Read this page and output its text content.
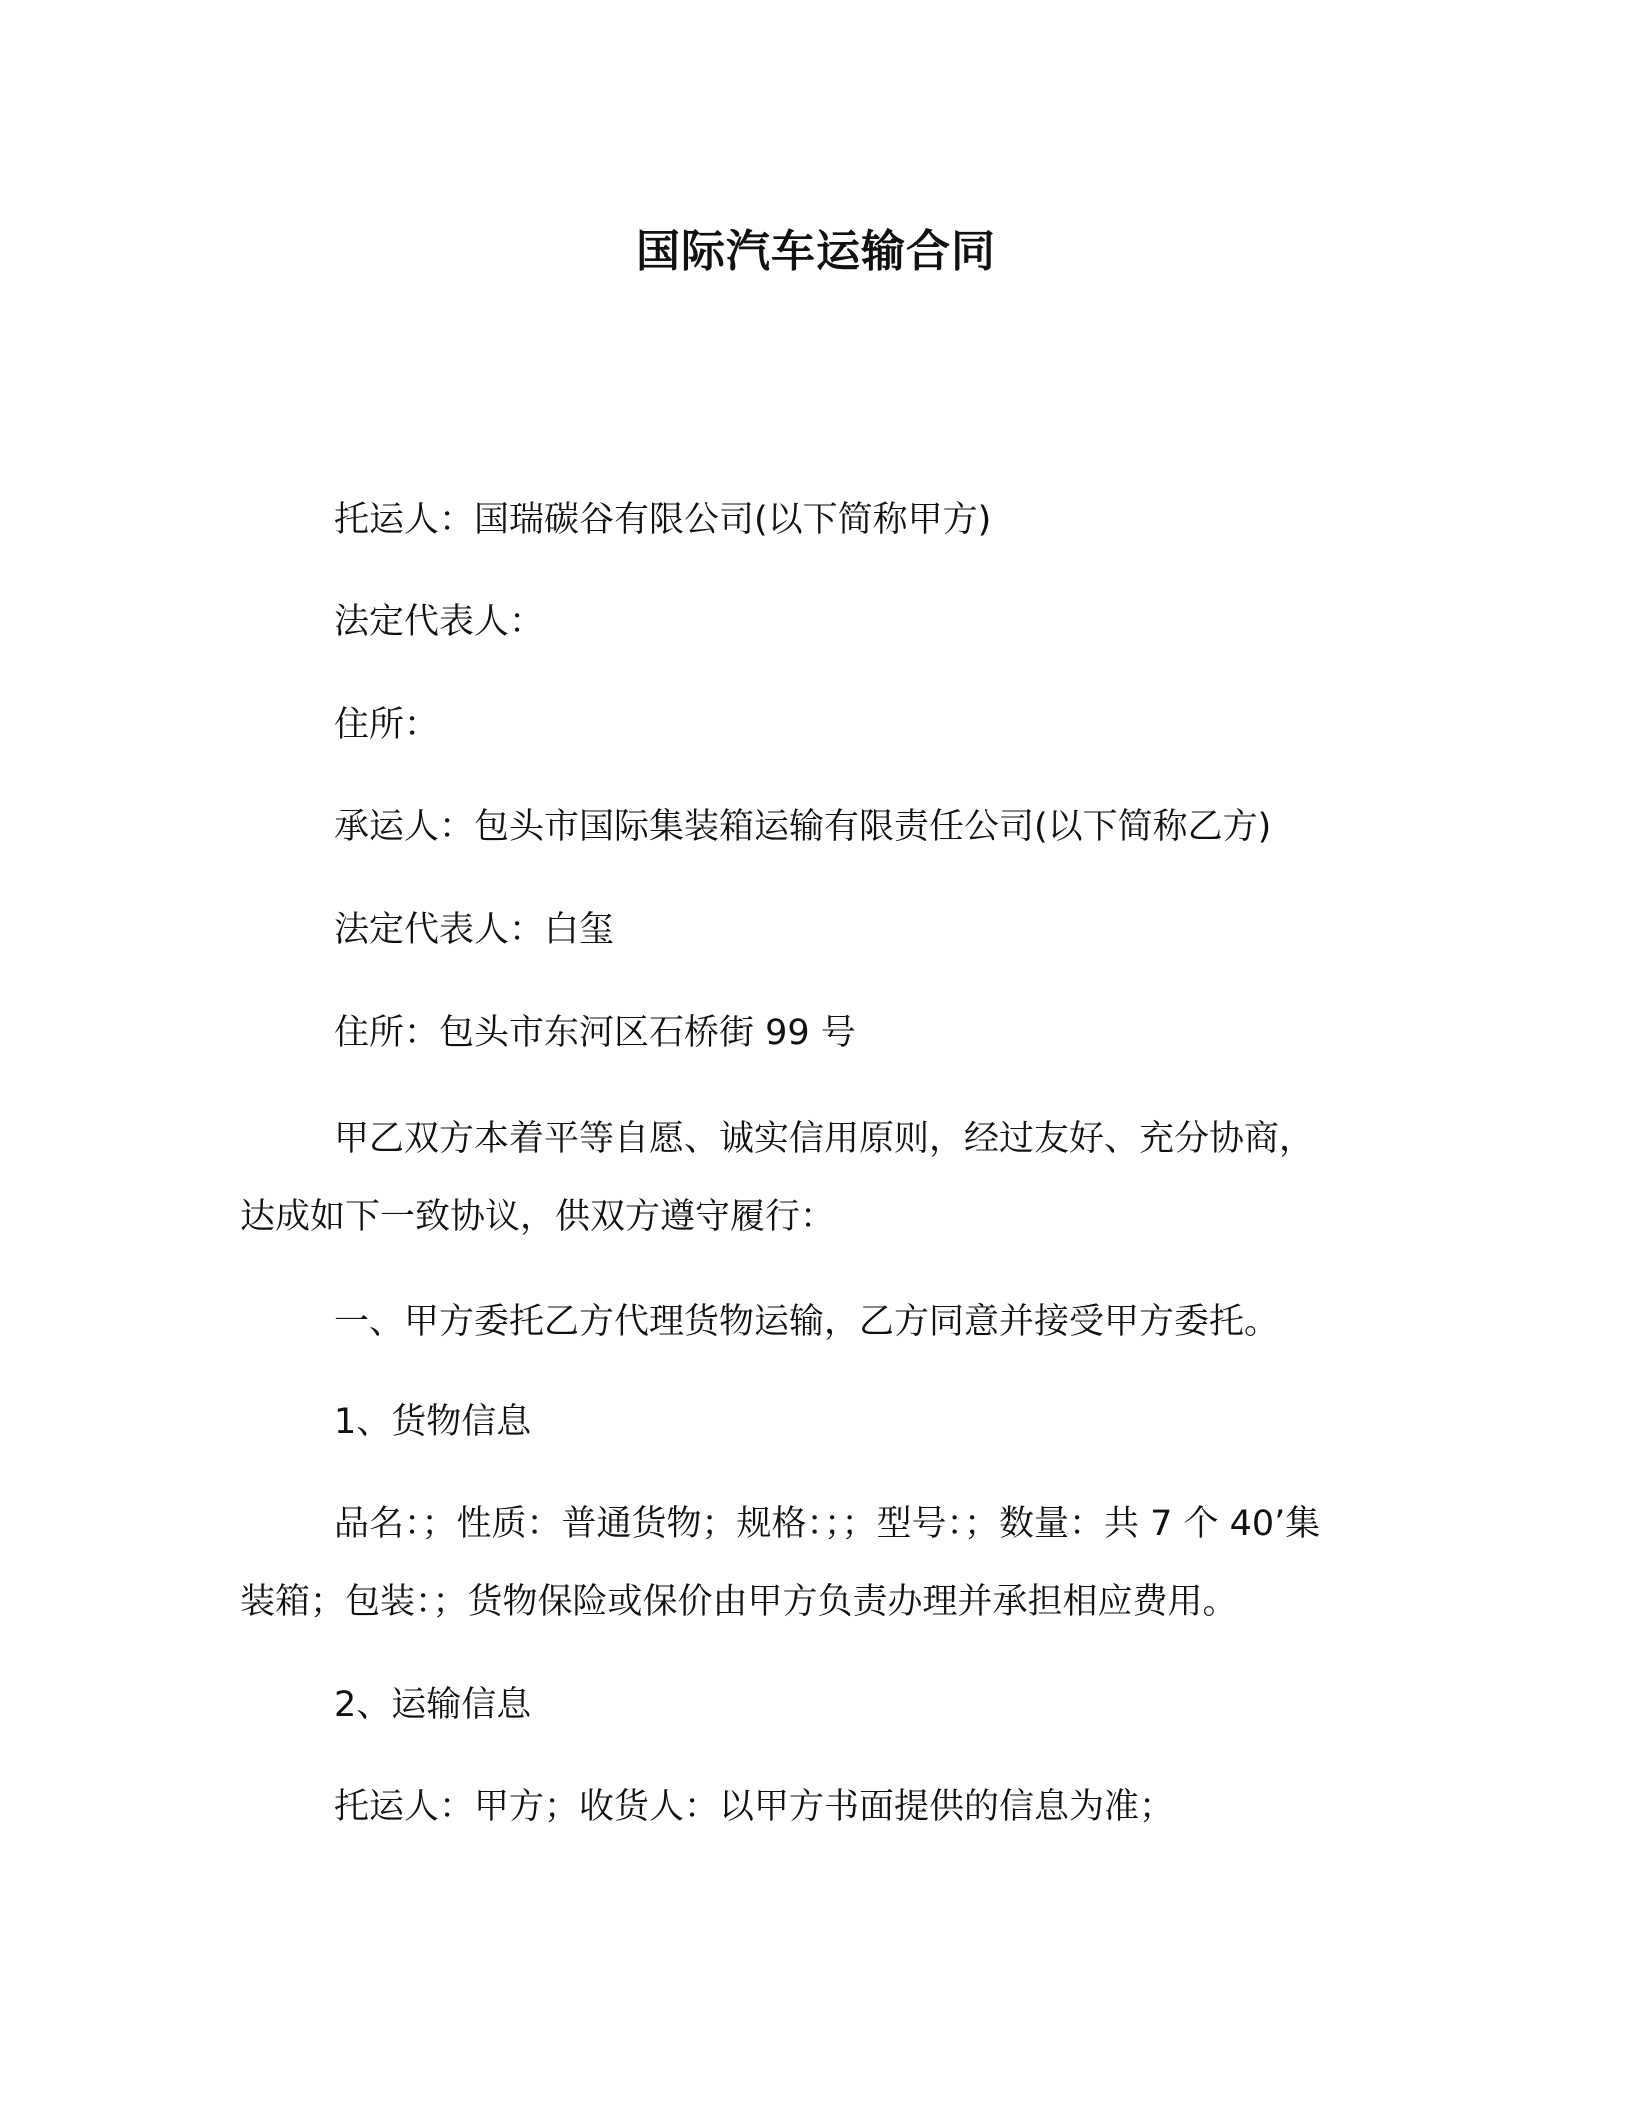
国际汽车运输合同
托运人：国瑞碳谷有限公司(以下简称甲方)
法定代表人：
住所：
承运人：包头市国际集装箱运输有限责任公司(以下简称乙方)
法定代表人：白玺
住所：包头市东河区石桥街 99 号
甲乙双方本着平等自愿、诚实信用原则，经过友好、充分协商，
达成如下一致协议，供双方遵守履行：
一、甲方委托乙方代理货物运输，乙方同意并接受甲方委托。
1、货物信息
品名：；性质：普通货物；规格：；；型号：；数量：共 7 个 40’集
装箱；包装：；货物保险或保价由甲方负责办理并承担相应费用。
2、运输信息
托运人：甲方；收货人：以甲方书面提供的信息为准；
